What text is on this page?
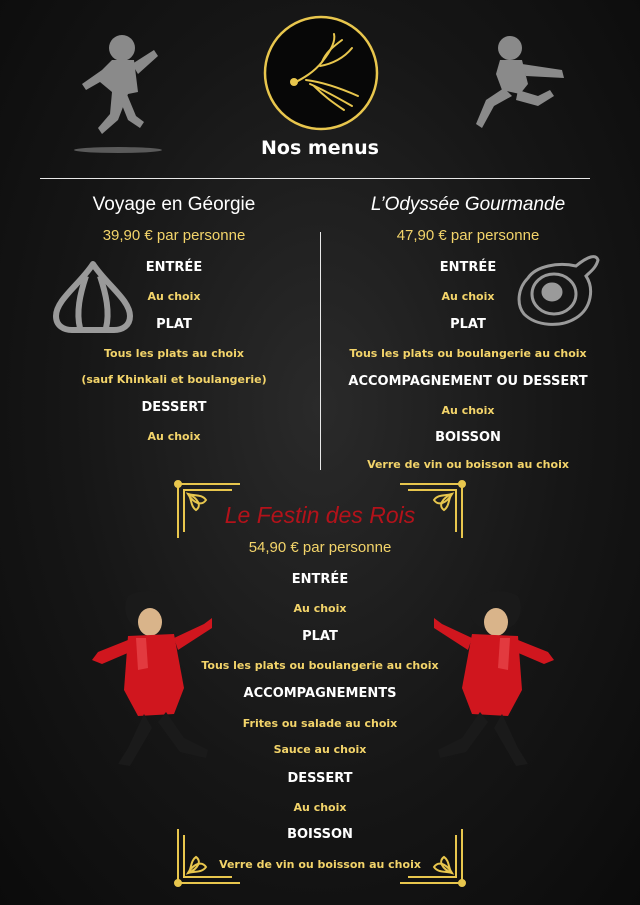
Nos menus
Voyage en Géorgie
39,90 € par personne
ENTRÉE
Au choix
PLAT
Tous les plats au choix
(sauf Khinkali et boulangerie)
DESSERT
Au choix
L’Odyssée Gourmande
47,90 € par personne
ENTRÉE
Au choix
PLAT
Tous les plats ou boulangerie au choix
ACCOMPAGNEMENT OU DESSERT
Au choix
BOISSON
Verre de vin ou boisson au choix
Le Festin des Rois
54,90 € par personne
ENTRÉE
Au choix
PLAT
Tous les plats ou boulangerie au choix
ACCOMPAGNEMENTS
Frites ou salade au choix
Sauce au choix
DESSERT
Au choix
BOISSON
Verre de vin ou boisson au choix
